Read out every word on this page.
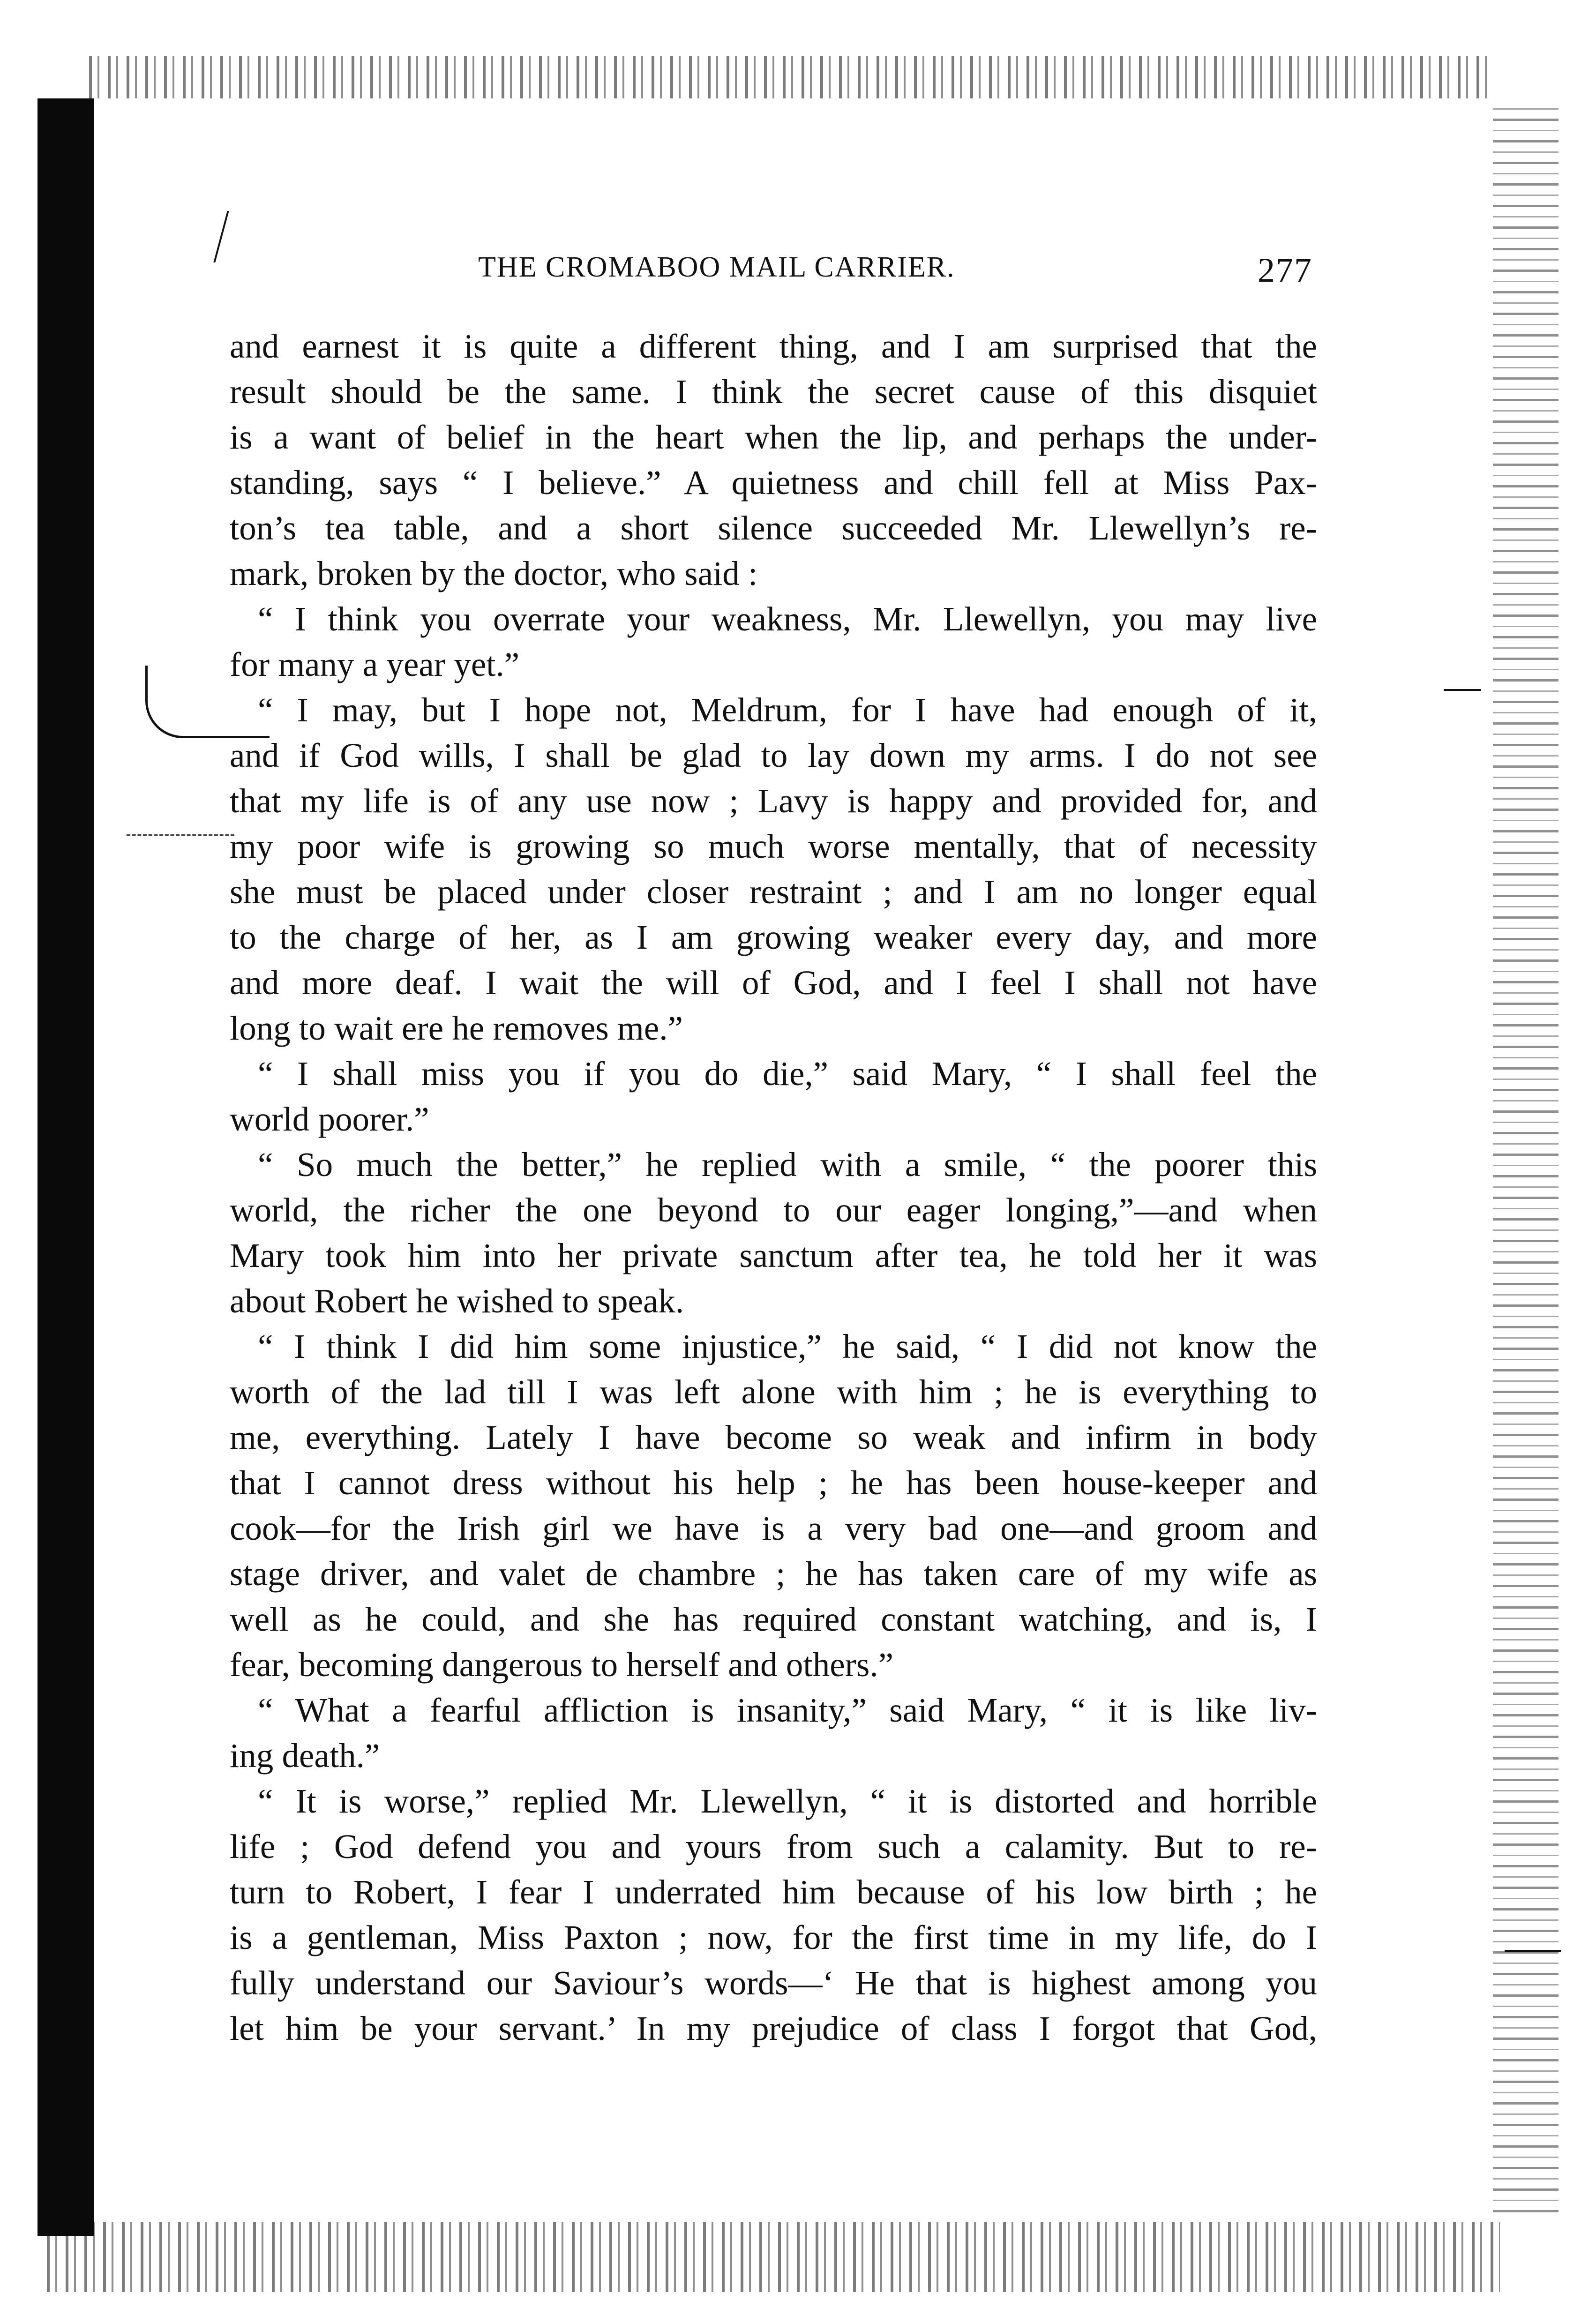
THE CROMABOO MAIL CARRIER.	277
and earnest it is quite a different thing, and I am surprised that the
result should be the same. I think the secret cause of this disquiet
is a want of belief in the heart when the lip, and perhaps the under-
standing, says “ I believe.” A quietness and chill fell at Miss Pax-
ton’s tea table, and a short silence succeeded Mr. Llewellyn’s re-
mark, broken by the doctor, who said :
“ I think you overrate your weakness, Mr. Llewellyn, you may live
for many a year yet.”
“ I may, but I hope not, Meldrum, for I have had enough of it,
and if God wills, I shall be glad to lay down my arms. I do not see
that my life is of any use now ; Lavy is happy and provided for, and
my poor wife is growing so much worse mentally, that of necessity
she must be placed under closer restraint ; and I am no longer equal
to the charge of her, as I am growing weaker every day, and more
and more deaf. I wait the will of God, and I feel I shall not have
long to wait ere he removes me.”
“ I shall miss you if you do die,” said Mary, “ I shall feel the
world poorer.”
“ So much the better,” he replied with a smile, “ the poorer this
world, the richer the one beyond to our eager longing,”—and when
Mary took him into her private sanctum after tea, he told her it was
about Robert he wished to speak.
“ I think I did him some injustice,” he said, “ I did not know the
worth of the lad till I was left alone with him ; he is everything to
me, everything. Lately I have become so weak and infirm in body
that I cannot dress without his help ; he has been house-keeper and
cook—for the Irish girl we have is a very bad one—and groom and
stage driver, and valet de chambre ; he has taken care of my wife as
well as he could, and she has required constant watching, and is, I
fear, becoming dangerous to herself and others.”
“ What a fearful affliction is insanity,” said Mary, “ it is like liv-
ing death.”
“ It is worse,” replied Mr. Llewellyn, “ it is distorted and horrible
life ; God defend you and yours from such a calamity. But to re-
turn to Robert, I fear I underrated him because of his low birth ; he
is a gentleman, Miss Paxton ; now, for the first time in my life, do I
fully understand our Saviour’s words—‘ He that is highest among you
let him be your servant.’ In my prejudice of class I forgot that God,
